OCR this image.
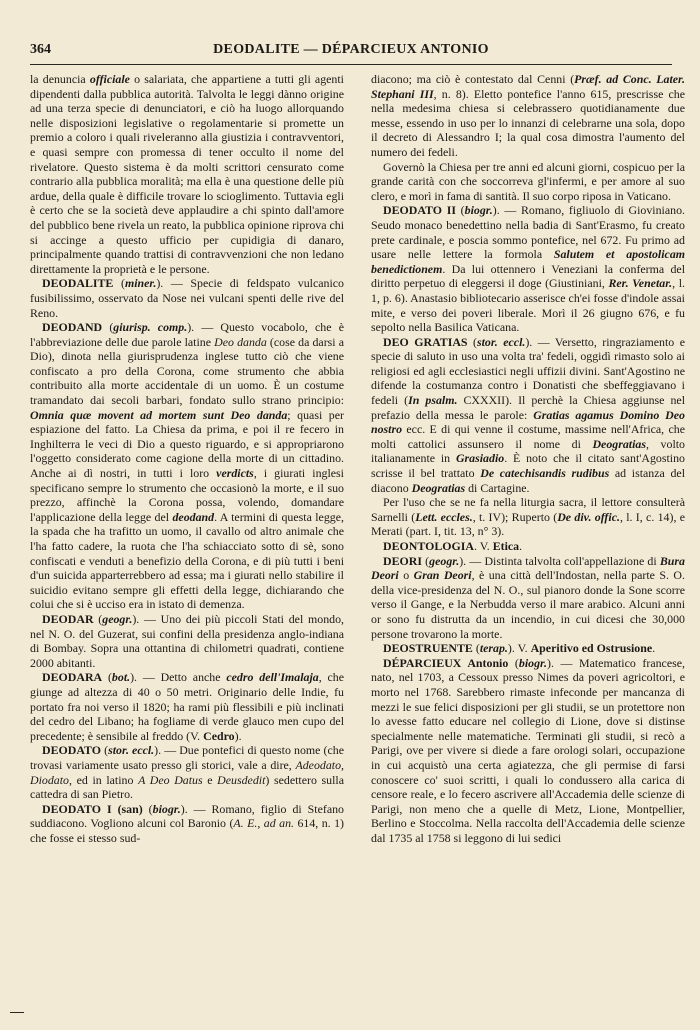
364	DEODALITE — DÉPARCIEUX ANTONIO

la denuncia officiale o salariata, che appartiene a tutti gli agenti dipendenti dalla pubblica autorità. Talvolta le leggi dànno origine ad una terza specie di denunciatori, e ciò ha luogo allorquando nelle disposizioni legislative o regolamentarie si promette un premio a coloro i quali riveleranno alla giustizia i contravventori, e quasi sempre con promessa di tener occulto il nome del rivelatore. Questo sistema è da molti scrittori censurato come contrario alla pubblica moralità; ma ella è una questione delle più ardue, della quale è difficile trovare lo scioglimento. Tuttavia egli è certo che se la società deve applaudire a chi spinto dall'amore del pubblico bene rivela un reato, la pubblica opinione riprova chi si accinge a questo ufficio per cupidigia di danaro, principalmente quando trattisi di contravvenzioni che non ledano direttamente la proprietà e le persone.

DEODALITE (miner.). — Specie di feldspato vulcanico fusibilissimo, osservato da Nose nei vulcani spenti delle rive del Reno.

DEODAND (giurisp. comp.). — Questo vocabolo, che è l'abbreviazione delle due parole latine Deo danda (cose da darsi a Dio), dinota nella giurisprudenza inglese tutto ciò che viene confiscato a pro della Corona, come strumento che abbia contribuito alla morte accidentale di un uomo. È un costume tramandato dai secoli barbari, fondato sullo strano principio: Omnia quæ movent ad mortem sunt Deo danda; quasi per espiazione del fatto. La Chiesa da prima, e poi il re fecero in Inghilterra le veci di Dio a questo riguardo, e si appropriarono l'oggetto considerato come cagione della morte di un cittadino. Anche ai dì nostri, in tutti i loro verdicts, i giurati inglesi specificano sempre lo strumento che occasionò la morte, e il suo prezzo, affinchè la Corona possa, volendo, domandare l'applicazione della legge del deodand. A termini di questa legge, la spada che ha trafitto un uomo, il cavallo od altro animale che l'ha fatto cadere, la ruota che l'ha schiacciato sotto di sè, sono confiscati e venduti a benefizio della Corona, e di più tutti i beni d'un suicida apparterrebbero ad essa; ma i giurati nello stabilire il suicidio evitano sempre gli effetti della legge, dichiarando che colui che si è ucciso era in istato di demenza.

DEODAR (geogr.). — Uno dei più piccoli Stati del mondo, nel N. O. del Guzerat, sui confini della presidenza anglo-indiana di Bombay. Sopra una ottantina di chilometri quadrati, contiene 2000 abitanti.

DEODARA (bot.). — Detto anche cedro dell'Imalaja, che giunge ad altezza di 40 o 50 metri. Originario delle Indie, fu portato fra noi verso il 1820; ha rami più flessibili e più inclinati del cedro del Libano; ha fogliame di verde glauco men cupo del precedente; è sensibile al freddo (V. Cedro).

DEODATO (stor. eccl.). — Due pontefici di questo nome (che trovasi variamente usato presso gli storici, vale a dire, Adeodato, Diodato, ed in latino A Deo Datus e Deusdedit) sedettero sulla cattedra di san Pietro.

DEODATO I (san) (biogr.). — Romano, figlio di Stefano suddiacono. Vogliono alcuni col Baronio (A. E., ad an. 614, n. 1) che fosse ei stesso sud-

diacono; ma ciò è contestato dal Cenni (Præf. ad Conc. Later. Stephani III, n. 8). Eletto pontefice l'anno 615, prescrisse che nella medesima chiesa si celebrassero quotidianamente due messe, essendo in uso per lo innanzi di celebrarne una sola, dopo il decreto di Alessandro I; la qual cosa dimostra l'aumento del numero dei fedeli.

Governò la Chiesa per tre anni ed alcuni giorni, cospicuo per la grande carità con che soccorreva gl'infermi, e per amore al suo clero, e morì in fama di santità. Il suo corpo riposa in Vaticano.

DEODATO II (biogr.). — Romano, figliuolo di Gioviniano. Seudo monaco benedettino nella badia di Sant'Erasmo, fu creato prete cardinale, e poscia sommo pontefice, nel 672. Fu primo ad usare nelle lettere la formola Salutem et apostolicam benedictionem. Da lui ottennero i Veneziani la conferma del diritto perpetuo di eleggersi il doge (Giustiniani, Rer. Venetar., l. 1, p. 6). Anastasio bibliotecario asserisce ch'ei fosse d'indole assai mite, e verso dei poveri liberale. Morì il 26 giugno 676, e fu sepolto nella Basilica Vaticana.

DEO GRATIAS (stor. eccl.). — Versetto, ringraziamento e specie di saluto in uso una volta tra' fedeli, oggidì rimasto solo ai religiosi ed agli ecclesiastici negli uffizii divini. Sant'Agostino ne difende la costumanza contro i Donatisti che sbeffeggiavano i fedeli (In psalm. CXXXII). Il perchè la Chiesa aggiunse nel prefazio della messa le parole: Gratias agamus Domino Deo nostro ecc. E di qui venne il costume, massime nell'Africa, che molti cattolici assunsero il nome di Deogratias, volto italianamente in Grasiadio. È noto che il citato sant'Agostino scrisse il bel trattato De catechisandis rudibus ad istanza del diacono Deogratias di Cartagine.

Per l'uso che se ne fa nella liturgia sacra, il lettore consulterà Sarnelli (Lett. eccles., t. IV); Ruperto (De div. offic., l. I, c. 14), e Merati (part. I, tit. 13, n° 3).

DEONTOLOGIA. V. Etica.

DEORI (geogr.). — Distinta talvolta coll'appellazione di Bura Deori o Gran Deori, è una città dell'Indostan, nella parte S. O. della vice-presidenza del N. O., sul pianoro donde la Sone scorre verso il Gange, e la Nerbudda verso il mare arabico. Alcuni anni or sono fu distrutta da un incendio, in cui dicesi che 30,000 persone trovarono la morte.

DEOSTRUENTE (terap.). V. Aperitivo ed Ostrusione.

DÉPARCIEUX Antonio (biogr.). — Matematico francese, nato, nel 1703, a Cessoux presso Nimes da poveri agricoltori, e morto nel 1768. Sarebbero rimaste infeconde per mancanza di mezzi le sue felici disposizioni per gli studii, se un protettore non lo avesse fatto educare nel collegio di Lione, dove si distinse specialmente nelle matematiche. Terminati gli studii, si recò a Parigi, ove per vivere si diede a fare orologi solari, occupazione in cui acquistò una certa agiatezza, che gli permise di farsi conoscere co' suoi scritti, i quali lo condussero alla carica di censore reale, e lo fecero ascrivere all'Accademia delle scienze di Parigi, non meno che a quelle di Metz, Lione, Montpellier, Berlino e Stoccolma. Nella raccolta dell'Accademia delle scienze dal 1735 al 1758 si leggono di lui sedici
